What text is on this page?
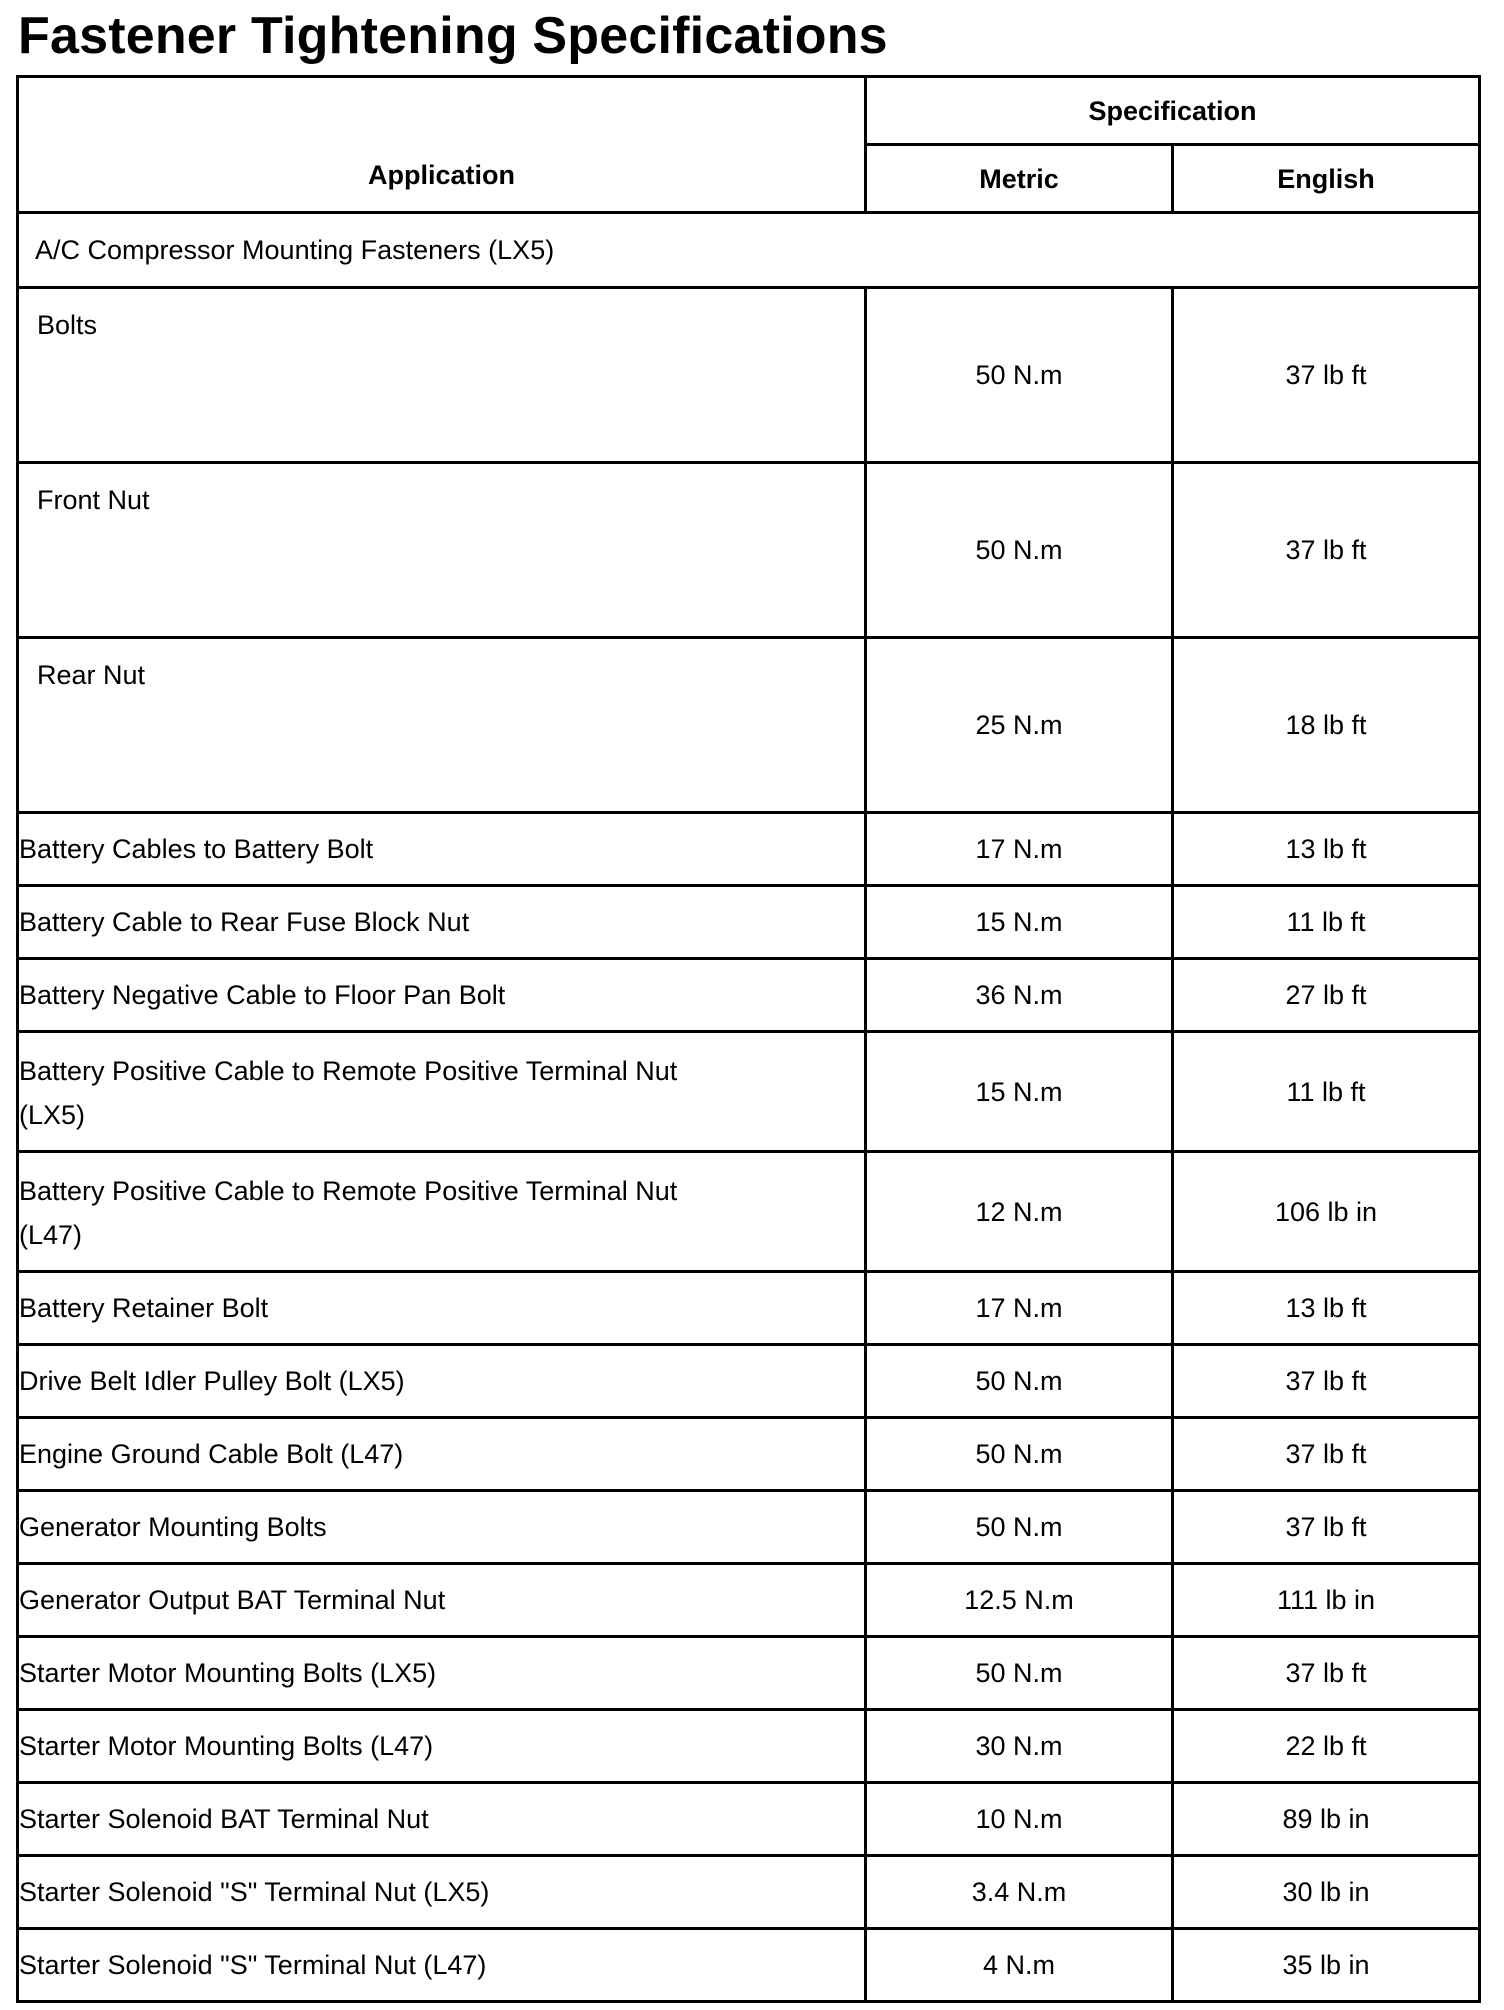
Fastener Tightening Specifications
Application	Specification	
	Metric	English
A/C Compressor Mounting Fasteners (LX5)		
Bolts	50 N.m	37 lb ft
Front Nut	50 N.m	37 lb ft
Rear Nut	25 N.m	18 lb ft
Battery Cables to Battery Bolt	17 N.m	13 lb ft
Battery Cable to Rear Fuse Block Nut	15 N.m	11 lb ft
Battery Negative Cable to Floor Pan Bolt	36 N.m	27 lb ft

Battery Positive Cable to Remote Positive Terminal Nut (LX5)	15 N.m	11 lb ft

Battery Positive Cable to Remote Positive Terminal Nut (L47)	12 N.m	106 lb in
Battery Retainer Bolt	17 N.m	13 lb ft
Drive Belt Idler Pulley Bolt (LX5)	50 N.m	37 lb ft
Engine Ground Cable Bolt (L47)	50 N.m	37 lb ft
Generator Mounting Bolts	50 N.m	37 lb ft
Generator Output BAT Terminal Nut	12.5 N.m	111 lb in
Starter Motor Mounting Bolts (LX5)	50 N.m	37 lb ft
Starter Motor Mounting Bolts (L47)	30 N.m	22 lb ft
Starter Solenoid BAT Terminal Nut	10 N.m	89 lb in
Starter Solenoid "S" Terminal Nut (LX5)	3.4 N.m	30 lb in
Starter Solenoid "S" Terminal Nut (L47)	4 N.m	35 lb in
